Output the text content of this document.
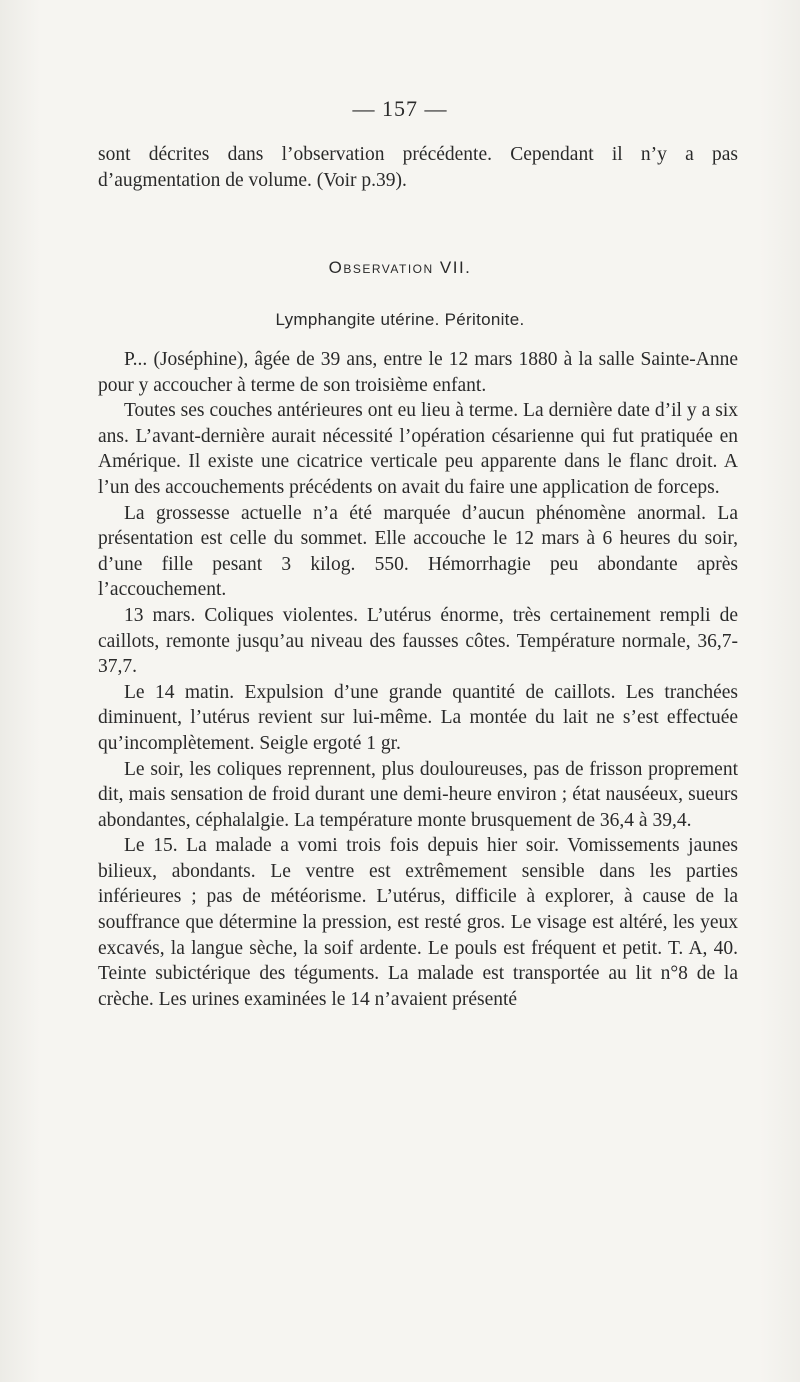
— 157 —

sont décrites dans l’observation précédente. Cependant il n’y a pas d’augmentation de volume. (Voir p.39).

Observation VII.
Lymphangite utérine. Péritonite.

P... (Joséphine), âgée de 39 ans, entre le 12 mars 1880 à la salle Sainte-Anne pour y accoucher à terme de son troisième enfant.

Toutes ses couches antérieures ont eu lieu à terme. La dernière date d’il y a six ans. L’avant-dernière aurait nécessité l’opération césarienne qui fut pratiquée en Amérique. Il existe une cicatrice verticale peu apparente dans le flanc droit. A l’un des accouchements précédents on avait du faire une application de forceps.

La grossesse actuelle n’a été marquée d’aucun phénomène anormal. La présentation est celle du sommet. Elle accouche le 12 mars à 6 heures du soir, d’une fille pesant 3 kilog. 550. Hémorrhagie peu abondante après l’accouchement.

13 mars. Coliques violentes. L’utérus énorme, très certainement rempli de caillots, remonte jusqu’au niveau des fausses côtes. Température normale, 36,7-37,7.

Le 14 matin. Expulsion d’une grande quantité de caillots. Les tranchées diminuent, l’utérus revient sur lui-même. La montée du lait ne s’est effectuée qu’incomplètement. Seigle ergoté 1 gr.

Le soir, les coliques reprennent, plus douloureuses, pas de frisson proprement dit, mais sensation de froid durant une demi-heure environ ; état nauséeux, sueurs abondantes, céphalalgie. La température monte brusquement de 36,4 à 39,4.

Le 15. La malade a vomi trois fois depuis hier soir. Vomissements jaunes bilieux, abondants. Le ventre est extrêmement sensible dans les parties inférieures ; pas de météorisme. L’utérus, difficile à explorer, à cause de la souffrance que détermine la pression, est resté gros. Le visage est altéré, les yeux excavés, la langue sèche, la soif ardente. Le pouls est fréquent et petit. T. A, 40. Teinte subictérique des téguments. La malade est transportée au lit n°8 de la crèche. Les urines examinées le 14 n’avaient présenté
